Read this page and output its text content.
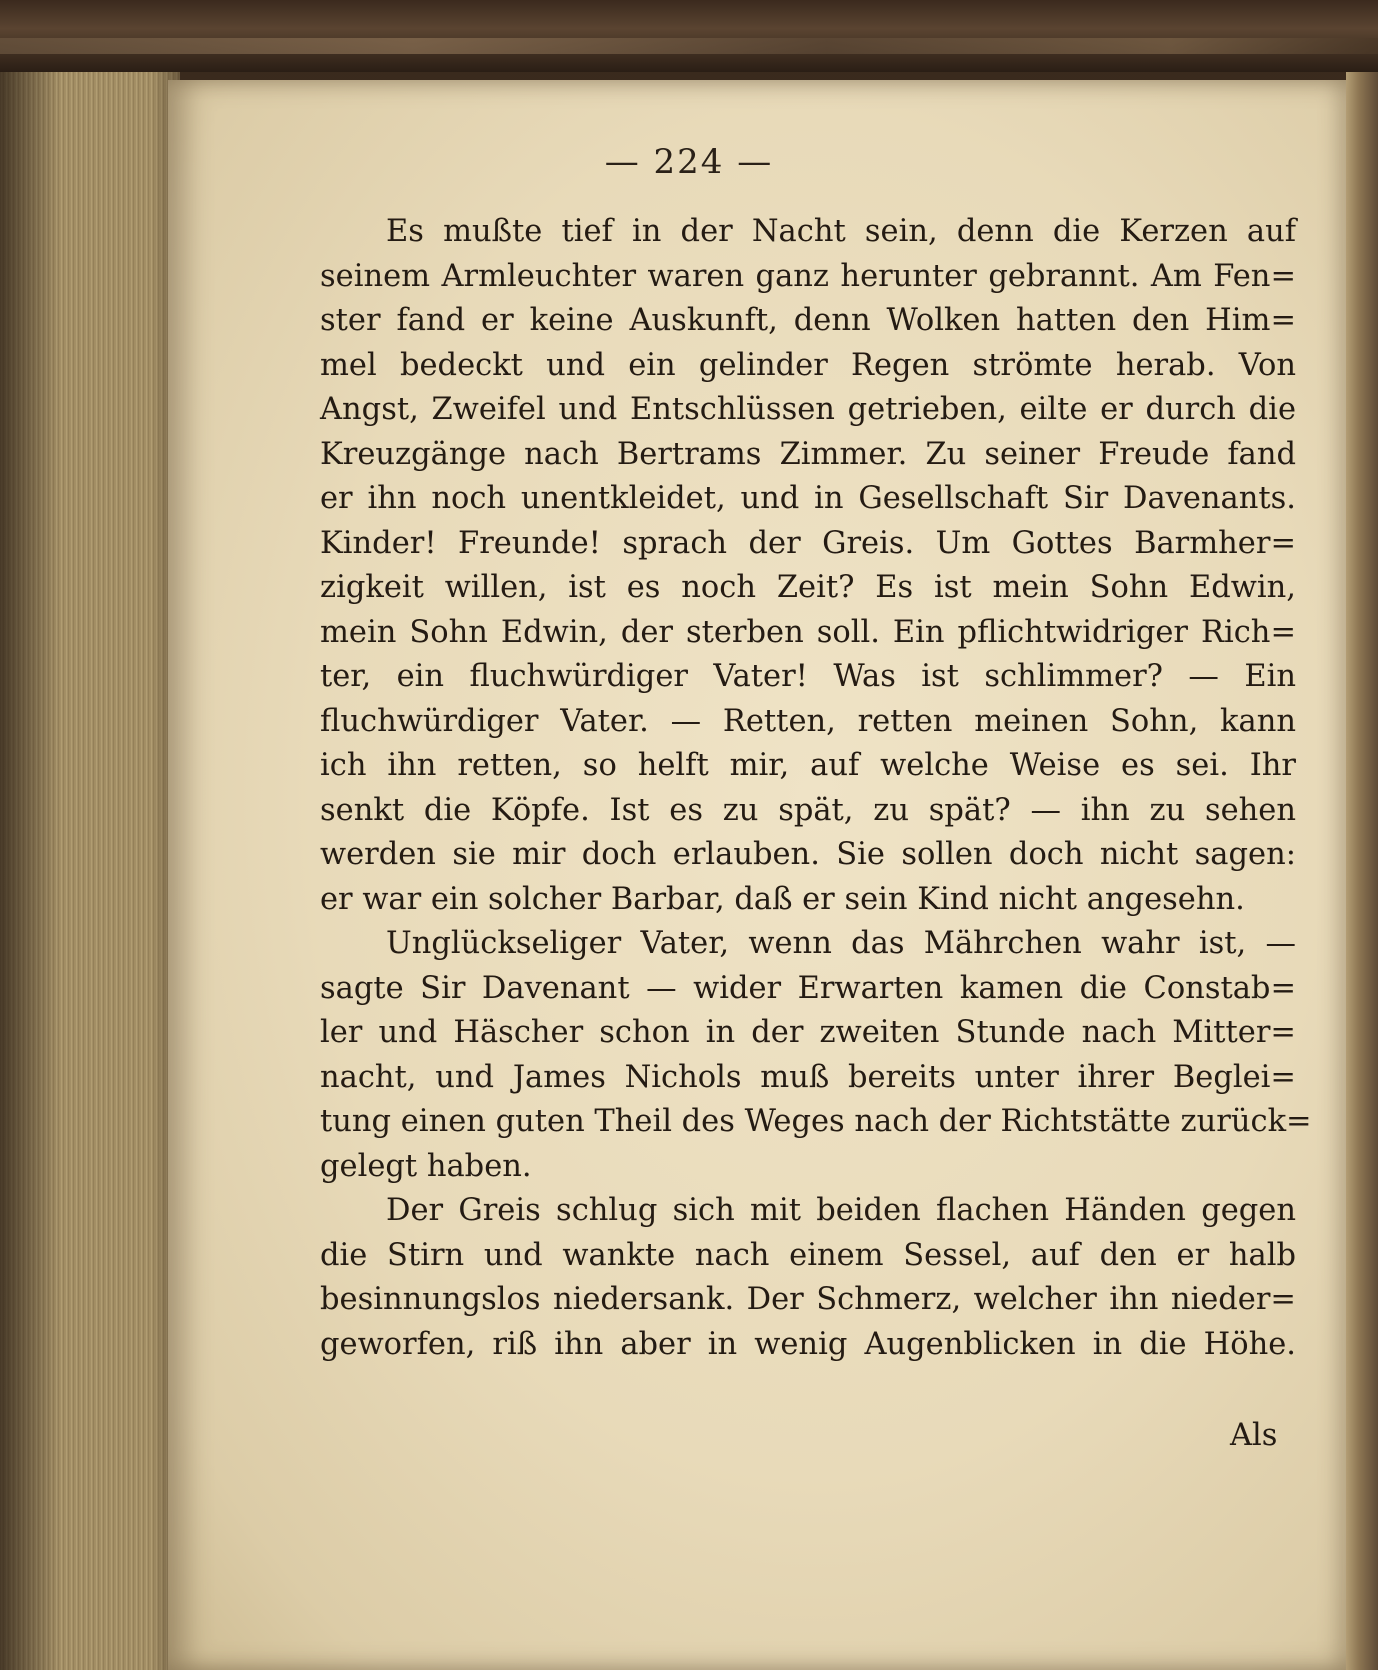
— 224 —
Es mußte tief in der Nacht sein, denn die Kerzen auf
seinem Armleuchter waren ganz herunter gebrannt. Am Fen=
ster fand er keine Auskunft, denn Wolken hatten den Him=
mel bedeckt und ein gelinder Regen strömte herab. Von
Angst, Zweifel und Entschlüssen getrieben, eilte er durch die
Kreuzgänge nach Bertrams Zimmer. Zu seiner Freude fand
er ihn noch unentkleidet, und in Gesellschaft Sir Davenants.
Kinder! Freunde! sprach der Greis. Um Gottes Barmher=
zigkeit willen, ist es noch Zeit? Es ist mein Sohn Edwin,
mein Sohn Edwin, der sterben soll. Ein pflichtwidriger Rich=
ter, ein fluchwürdiger Vater! Was ist schlimmer? — Ein
fluchwürdiger Vater. — Retten, retten meinen Sohn, kann
ich ihn retten, so helft mir, auf welche Weise es sei. Ihr
senkt die Köpfe. Ist es zu spät, zu spät? — ihn zu sehen
werden sie mir doch erlauben. Sie sollen doch nicht sagen:
er war ein solcher Barbar, daß er sein Kind nicht angesehn.
Unglückseliger Vater, wenn das Mährchen wahr ist, —
sagte Sir Davenant — wider Erwarten kamen die Constab=
ler und Häscher schon in der zweiten Stunde nach Mitter=
nacht, und James Nichols muß bereits unter ihrer Beglei=
tung einen guten Theil des Weges nach der Richtstätte zurück=
gelegt haben.
Der Greis schlug sich mit beiden flachen Händen gegen
die Stirn und wankte nach einem Sessel, auf den er halb
besinnungslos niedersank. Der Schmerz, welcher ihn nieder=
geworfen, riß ihn aber in wenig Augenblicken in die Höhe.
Als
